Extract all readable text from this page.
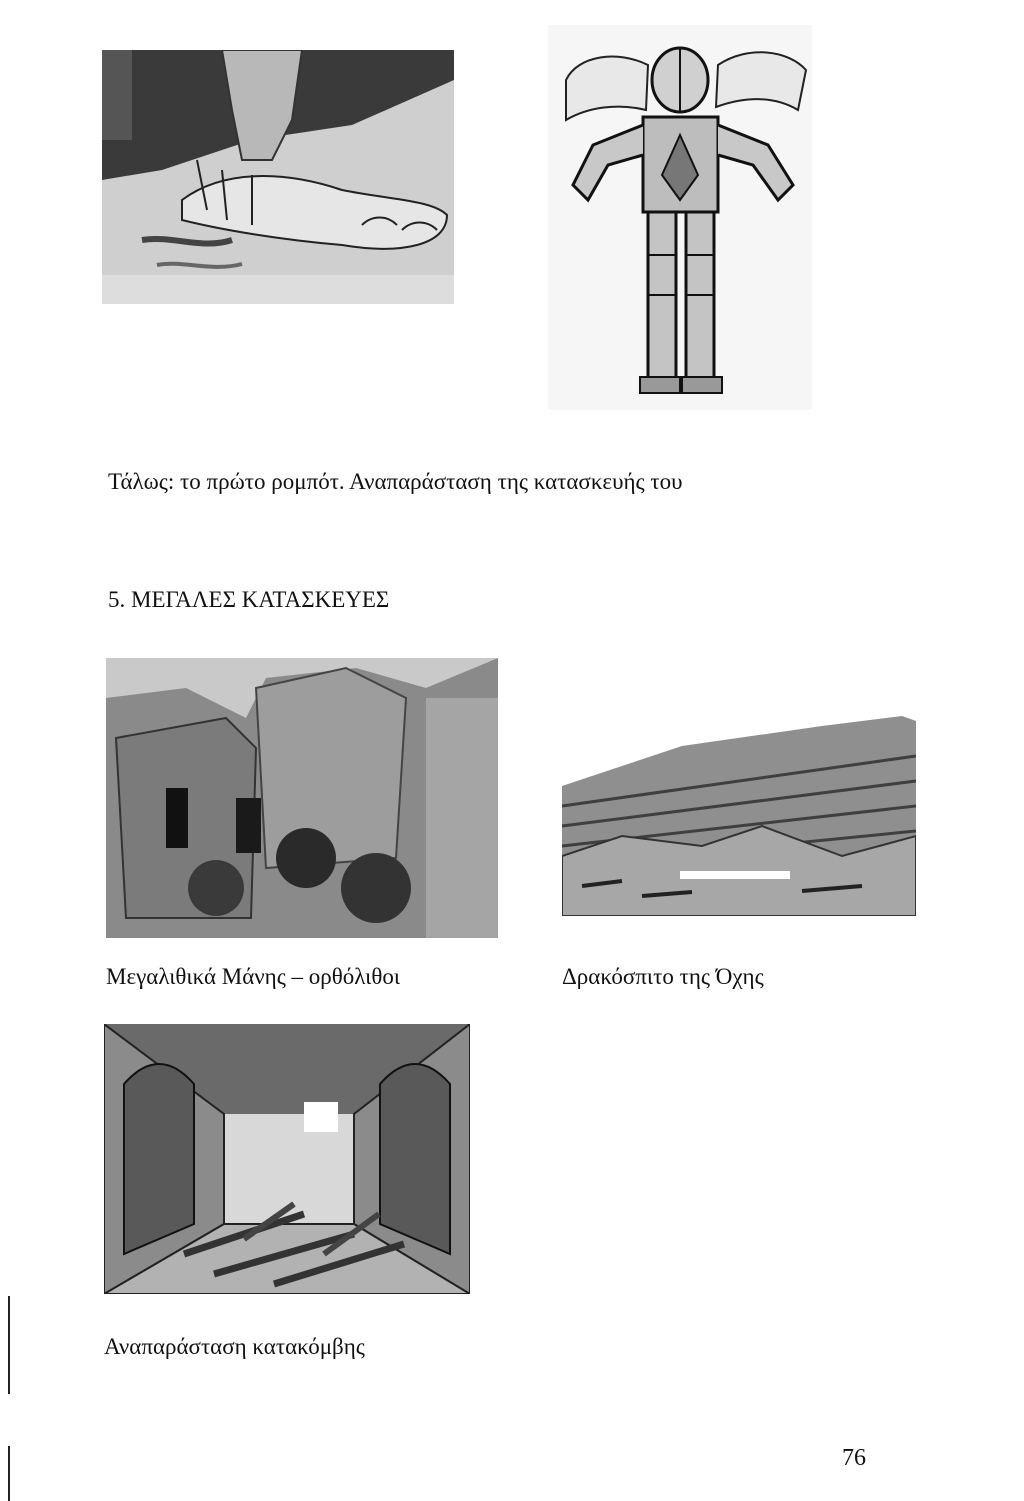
Τάλως: το πρώτο ρομπότ. Αναπαράσταση της κατασκευής του
5. ΜΕΓΑΛΕΣ ΚΑΤΑΣΚΕΥΕΣ
Μεγαλιθικά Μάνης – ορθόλιθοι	Δρακόσπιτο της Όχης
Αναπαράσταση κατακόμβης
76
